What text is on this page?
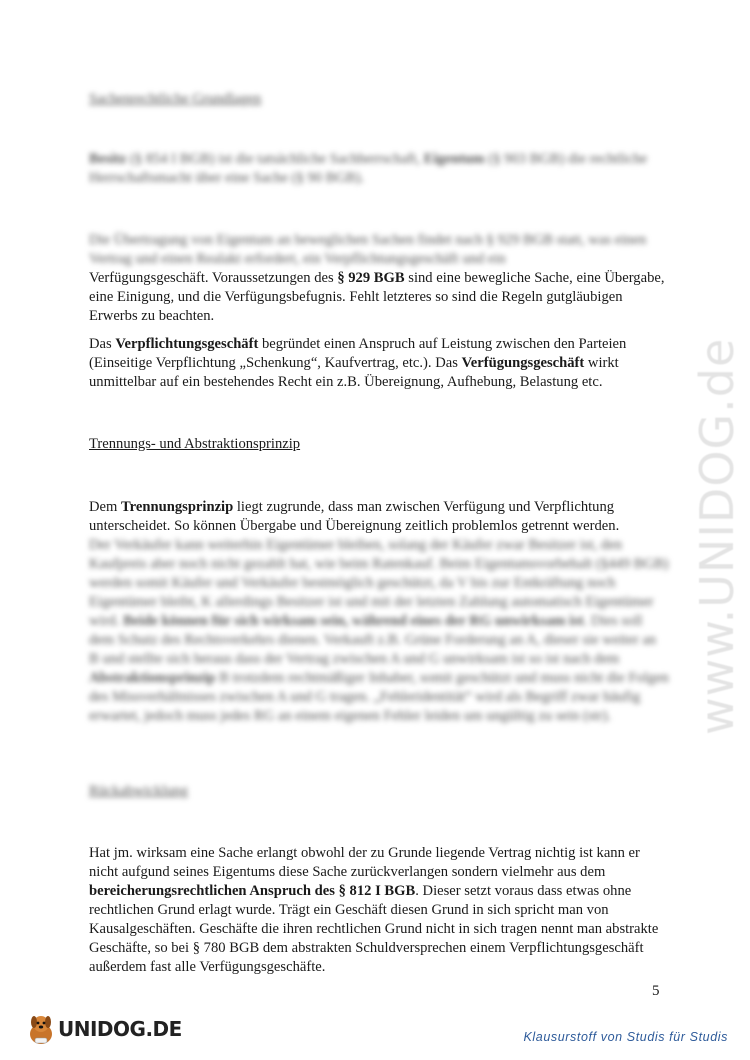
www.UNIDOG.de
Sachenrechtliche Grundlagen
Besitz (§ 854 I BGB) ist die tatsächliche Sachherrschaft, Eigentum (§ 903 BGB) die rechtliche Herrschaftsmacht über eine Sache (§ 90 BGB).
Die Übertragung von Eigentum an beweglichen Sachen findet nach § 929 BGB statt, was einen Vertrag und einen Realakt erfordert, ein Verpflichtungsgeschäft und ein
Verfügungsgeschäft. Voraussetzungen des § 929 BGB sind eine bewegliche Sache, eine Übergabe, eine Einigung, und die Verfügungsbefugnis. Fehlt letzteres so sind die Regeln gutgläubigen Erwerbs zu beachten.
Das Verpflichtungsgeschäft begründet einen Anspruch auf Leistung zwischen den Parteien (Einseitige Verpflichtung „Schenkung“, Kaufvertrag, etc.). Das Verfügungsgeschäft wirkt unmittelbar auf ein bestehendes Recht ein z.B. Übereignung, Aufhebung, Belastung etc.
Trennungs- und Abstraktionsprinzip
Dem Trennungsprinzip liegt zugrunde, dass man zwischen Verfügung und Verpflichtung unterscheidet. So können Übergabe und Übereignung zeitlich problemlos getrennt werden.
Der Verkäufer kann weiterhin Eigentümer bleiben, solang der Käufer zwar Besitzer ist, den Kaufpreis aber noch nicht gezahlt hat, wie beim Ratenkauf. Beim Eigentumsvorbehalt (§449 BGB) werden somit Käufer und Verkäufer bestmöglich geschützt, da V bis zur Entkräftung noch Eigentümer bleibt, K allerdings Besitzer ist und mit der letzten Zahlung automatisch Eigentümer wird. Beide können für sich wirksam sein, während eines der RG unwirksam ist. Dies soll dem Schutz des Rechtsverkehrs dienen. Verkauft z.B. Grüne Forderung an A, dieser sie weiter an B und stellte sich heraus dass der Vertrag zwischen A und G unwirksam ist so ist nach dem Abstraktionsprinzip B trotzdem rechtmäßiger Inhaber, somit geschützt und muss nicht die Folgen des Missverhältnisses zwischen A und G tragen. „Fehleridentität“ wird als Begriff zwar häufig erwartet, jedoch muss jedes RG an einem eigenen Fehler leiden um ungültig zu sein (str).
Rückabwicklung
Hat jm. wirksam eine Sache erlangt obwohl der zu Grunde liegende Vertrag nichtig ist kann er nicht aufgund seines Eigentums diese Sache zurückverlangen sondern vielmehr aus dem bereicherungsrechtlichen Anspruch des § 812 I BGB. Dieser setzt voraus dass etwas ohne rechtlichen Grund erlagt wurde. Trägt ein Geschäft diesen Grund in sich spricht man von Kausalgeschäften. Geschäfte die ihren rechtlichen Grund nicht in sich tragen nennt man abstrakte Geschäfte, so bei § 780 BGB dem abstrakten Schuldversprechen einem Verpflichtungsgeschäft außerdem fast alle Verfügungsgeschäfte.
5
UNIDOG.DE	Klausurstoff von Studis für Studis
